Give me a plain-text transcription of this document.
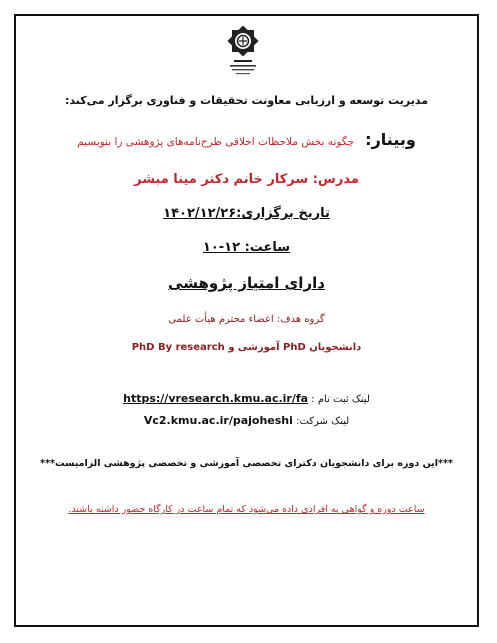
مدیریت توسعه و ارزیابی معاونت تحقیقات و فناوری برگزار می‌کند:
وبینار: چگونه بخش ملاحظات اخلاقی طرح‌نامه‌های پژوهشی را بنویسیم
مدرس: سرکار خانم دکتر مینا مبشر
تاریخ برگزاری:۱۴۰۲/۱۲/۲۶
ساعت: ۱۲-۱۰
دارای امتیاز پژوهشی
گروه هدف: اعضاء محترم هیأت علمی
دانشجویان PhD آموزشی و PhD By research
لینک ثبت نام : https://vresearch.kmu.ac.ir/fa
لینک شرکت: Vc2.kmu.ac.ir/pajoheshi
***این دوره برای دانشجویان دکترای تخصصی آموزشی و تخصصی پژوهشی الزامیست***
ساعت دوره و گواهی به افرادی داده می‌شود که تمام ساعت در کارگاه حضور داشته باشند.
